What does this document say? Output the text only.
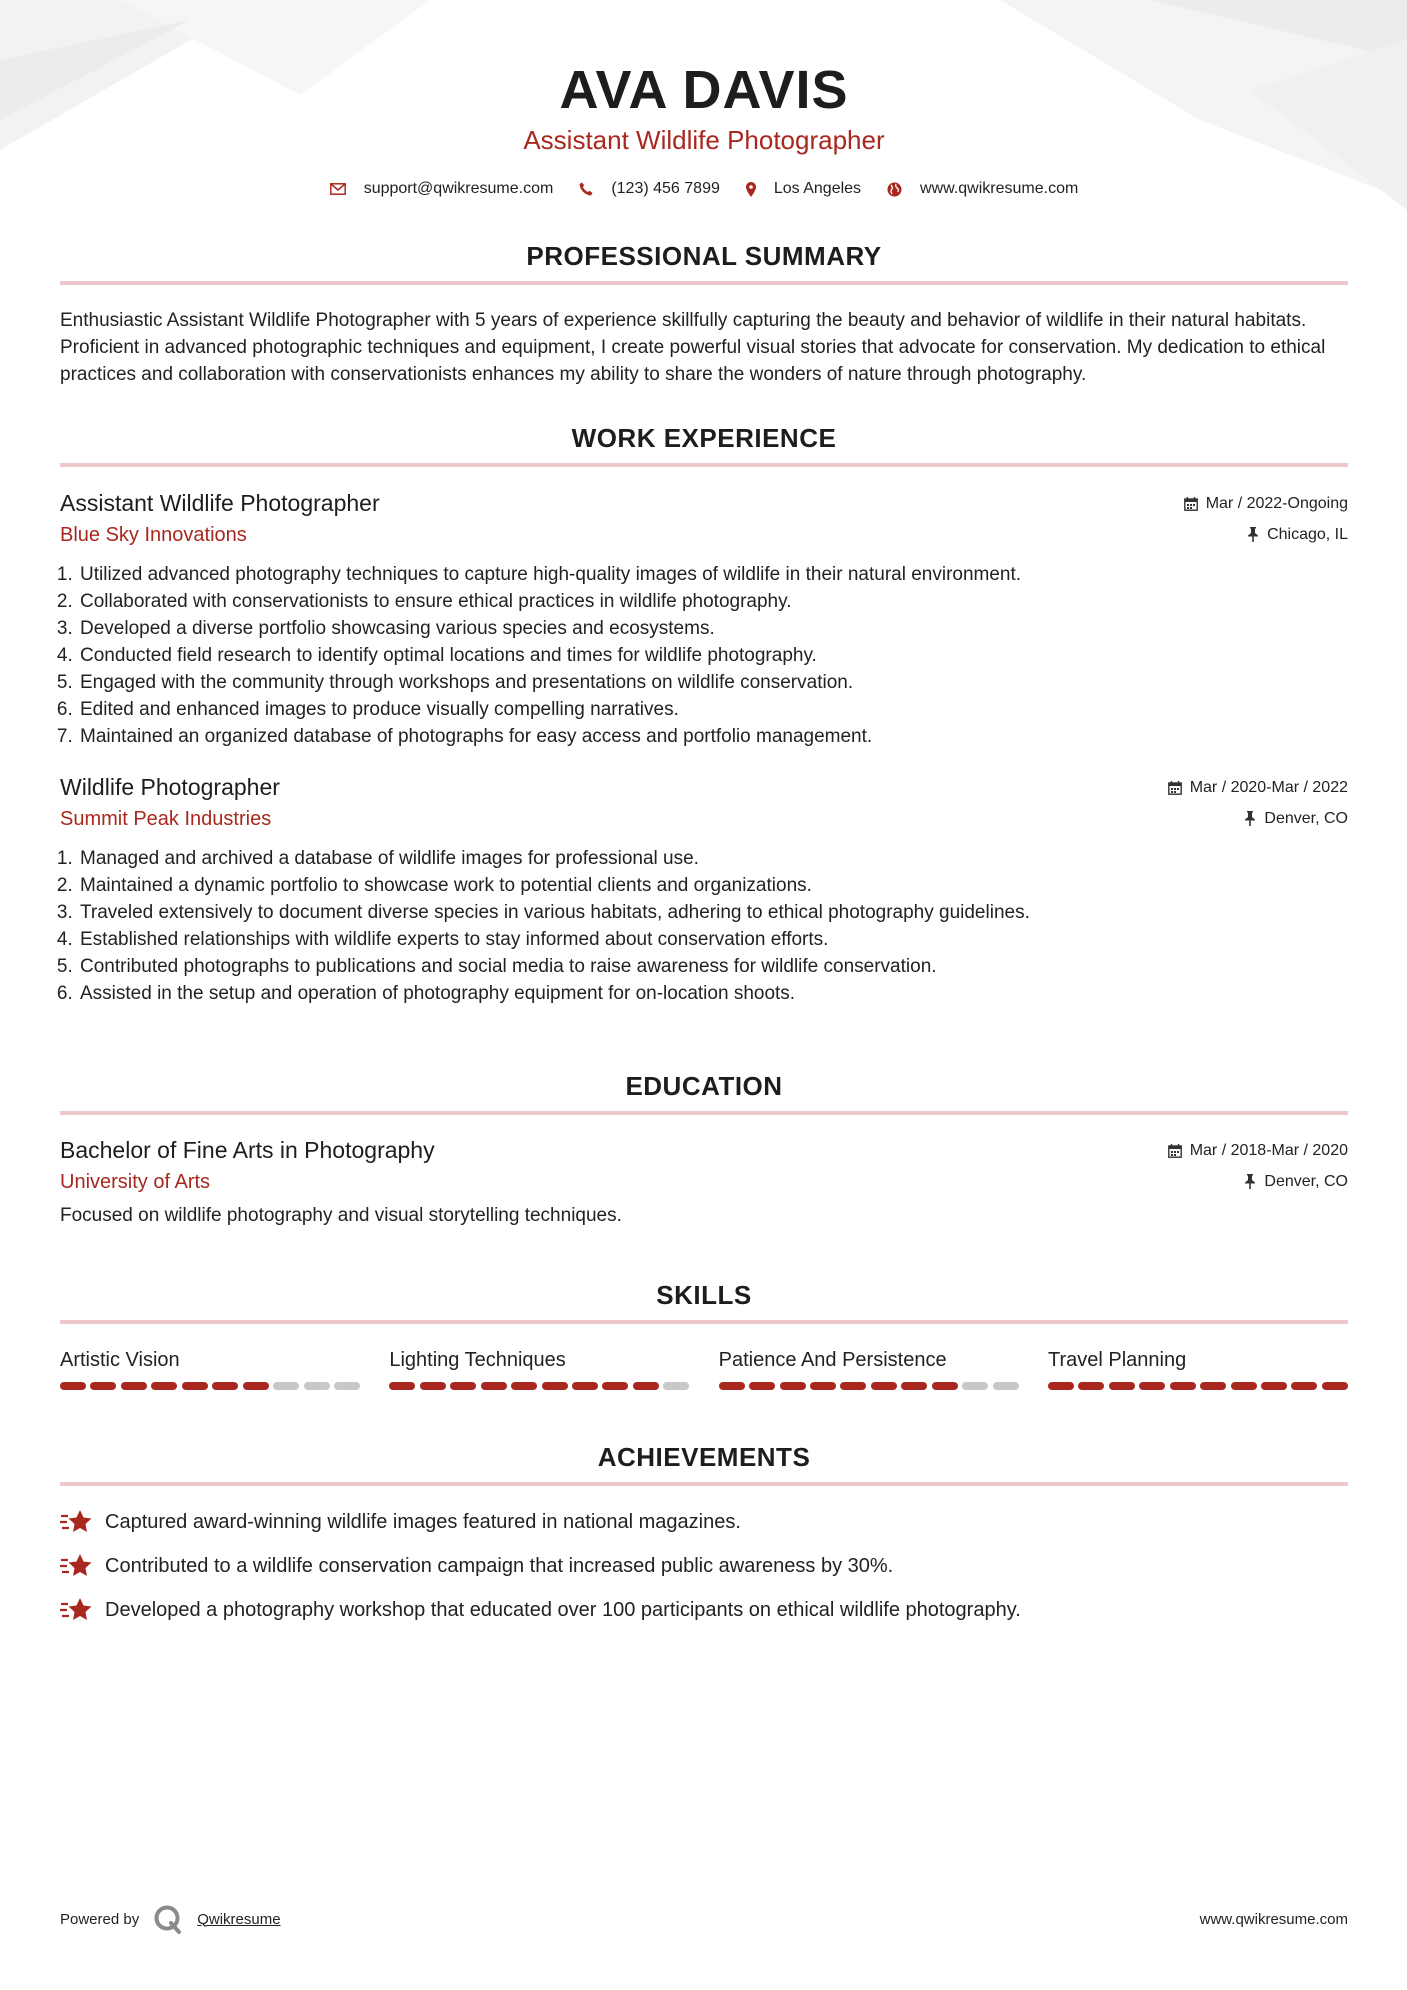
AVA DAVIS
Assistant Wildlife Photographer
support@qwikresume.com	(123) 456 7899	Los Angeles	www.qwikresume.com
PROFESSIONAL SUMMARY
Enthusiastic Assistant Wildlife Photographer with 5 years of experience skillfully capturing the beauty and behavior of wildlife in their natural habitats. Proficient in advanced photographic techniques and equipment, I create powerful visual stories that advocate for conservation. My dedication to ethical practices and collaboration with conservationists enhances my ability to share the wonders of nature through photography.
WORK EXPERIENCE
Assistant Wildlife Photographer	Mar / 2022-Ongoing
Blue Sky Innovations	Chicago, IL
1. Utilized advanced photography techniques to capture high-quality images of wildlife in their natural environment.
2. Collaborated with conservationists to ensure ethical practices in wildlife photography.
3. Developed a diverse portfolio showcasing various species and ecosystems.
4. Conducted field research to identify optimal locations and times for wildlife photography.
5. Engaged with the community through workshops and presentations on wildlife conservation.
6. Edited and enhanced images to produce visually compelling narratives.
7. Maintained an organized database of photographs for easy access and portfolio management.
Wildlife Photographer	Mar / 2020-Mar / 2022
Summit Peak Industries	Denver, CO
1. Managed and archived a database of wildlife images for professional use.
2. Maintained a dynamic portfolio to showcase work to potential clients and organizations.
3. Traveled extensively to document diverse species in various habitats, adhering to ethical photography guidelines.
4. Established relationships with wildlife experts to stay informed about conservation efforts.
5. Contributed photographs to publications and social media to raise awareness for wildlife conservation.
6. Assisted in the setup and operation of photography equipment for on-location shoots.
EDUCATION
Bachelor of Fine Arts in Photography	Mar / 2018-Mar / 2020
University of Arts	Denver, CO
Focused on wildlife photography and visual storytelling techniques.
SKILLS
Artistic Vision	Lighting Techniques	Patience And Persistence	Travel Planning
ACHIEVEMENTS
Captured award-winning wildlife images featured in national magazines.
Contributed to a wildlife conservation campaign that increased public awareness by 30%.
Developed a photography workshop that educated over 100 participants on ethical wildlife photography.
Powered by	Qwikresume	www.qwikresume.com
